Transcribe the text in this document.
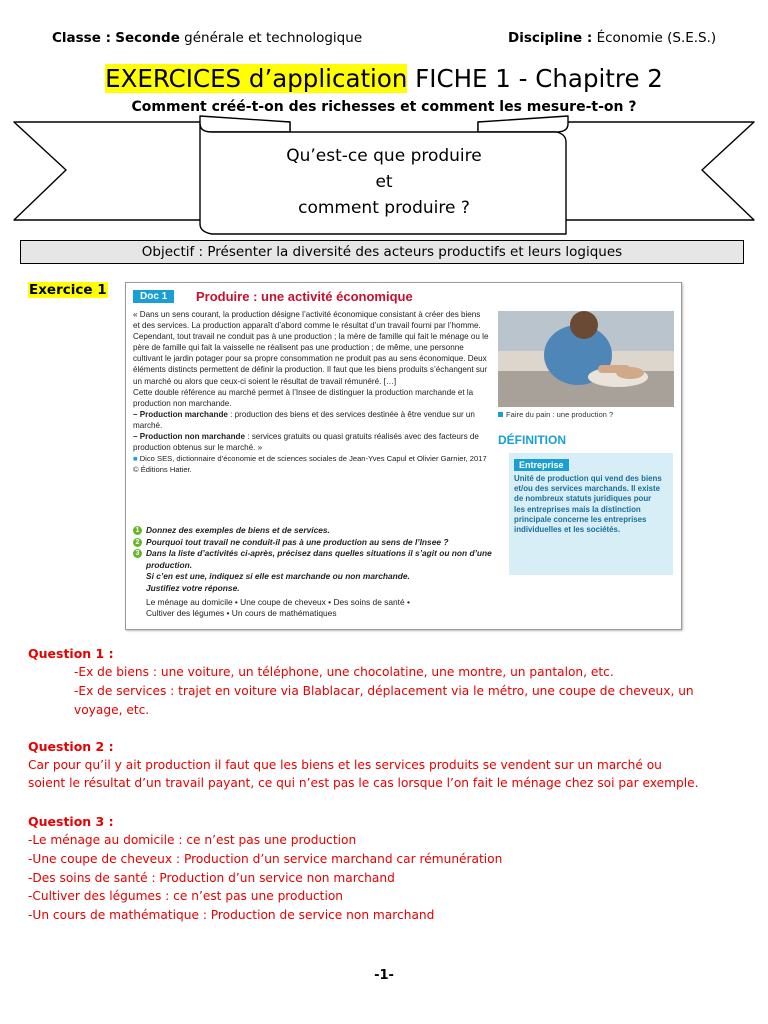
Classe : Seconde générale et technologique	Discipline : Économie (S.E.S.)
EXERCICES d’application FICHE 1 - Chapitre 2
Comment créé-t-on des richesses et comment les mesure-t-on ?
Qu’est-ce que produire
et
comment produire ?
Objectif : Présenter la diversité des acteurs productifs et leurs logiques
Exercice 1	Doc 1	Produire : une activité économique

« Dans un sens courant, la production désigne l’activité économique consistant à créer des biens et des services. La production apparaît d’abord comme le résultat d’un travail fourni par l’homme. Cependant, tout travail ne conduit pas à une production ; la mère de famille qui fait le ménage ou le père de famille qui fait la vaisselle ne réalisent pas une production ; de même, une personne cultivant le jardin potager pour sa propre consommation ne produit pas au sens économique. Deux éléments distincts permettent de définir la production. Il faut que les biens produits s’échangent sur un marché ou alors que ceux-ci soient le résultat de travail rémunéré. […]

Cette double référence au marché permet à l’Insee de distinguer la production marchande et la production non marchande.

– Production marchande : production des biens et des services destinée à être vendue sur un marché.

– Production non marchande : services gratuits ou quasi gratuits réalisés avec des facteurs de production obtenus sur le marché. »

■ Dico SES, dictionnaire d’économie et de sciences sociales de Jean-Yves Capul et Olivier Garnier, 2017 © Éditions Hatier.

1 Donnez des exemples de biens et de services.
2 Pourquoi tout travail ne conduit-il pas à une production au sens de l’Insee ?
3 Dans la liste d’activités ci-après, précisez dans quelles situations il s’agit ou non d’une production.
Si c’en est une, indiquez si elle est marchande ou non marchande.
Justifiez votre réponse.
Le ménage au domicile • Une coupe de cheveux • Des soins de santé •
Cultiver des légumes • Un cours de mathématiques
Faire du pain : une production ?
DÉFINITION
Entreprise
Unité de production qui vend des biens et/ou des services marchands. Il existe de nombreux statuts juridiques pour les entreprises mais la distinction principale concerne les entreprises individuelles et les sociétés.
Question 1 :
-Ex de biens : une voiture, un téléphone, une chocolatine, une montre, un pantalon, etc.
-Ex de services : trajet en voiture via Blablacar, déplacement via le métro, une coupe de cheveux, un
voyage, etc.
Question 2 :
Car pour qu’il y ait production il faut que les biens et les services produits se vendent sur un marché ou
soient le résultat d’un travail payant, ce qui n’est pas le cas lorsque l’on fait le ménage chez soi par exemple.
Question 3 :
-Le ménage au domicile : ce n’est pas une production
-Une coupe de cheveux : Production d’un service marchand car rémunération
-Des soins de santé : Production d’un service non marchand
-Cultiver des légumes : ce n’est pas une production
-Un cours de mathématique : Production de service non marchand
-1-
